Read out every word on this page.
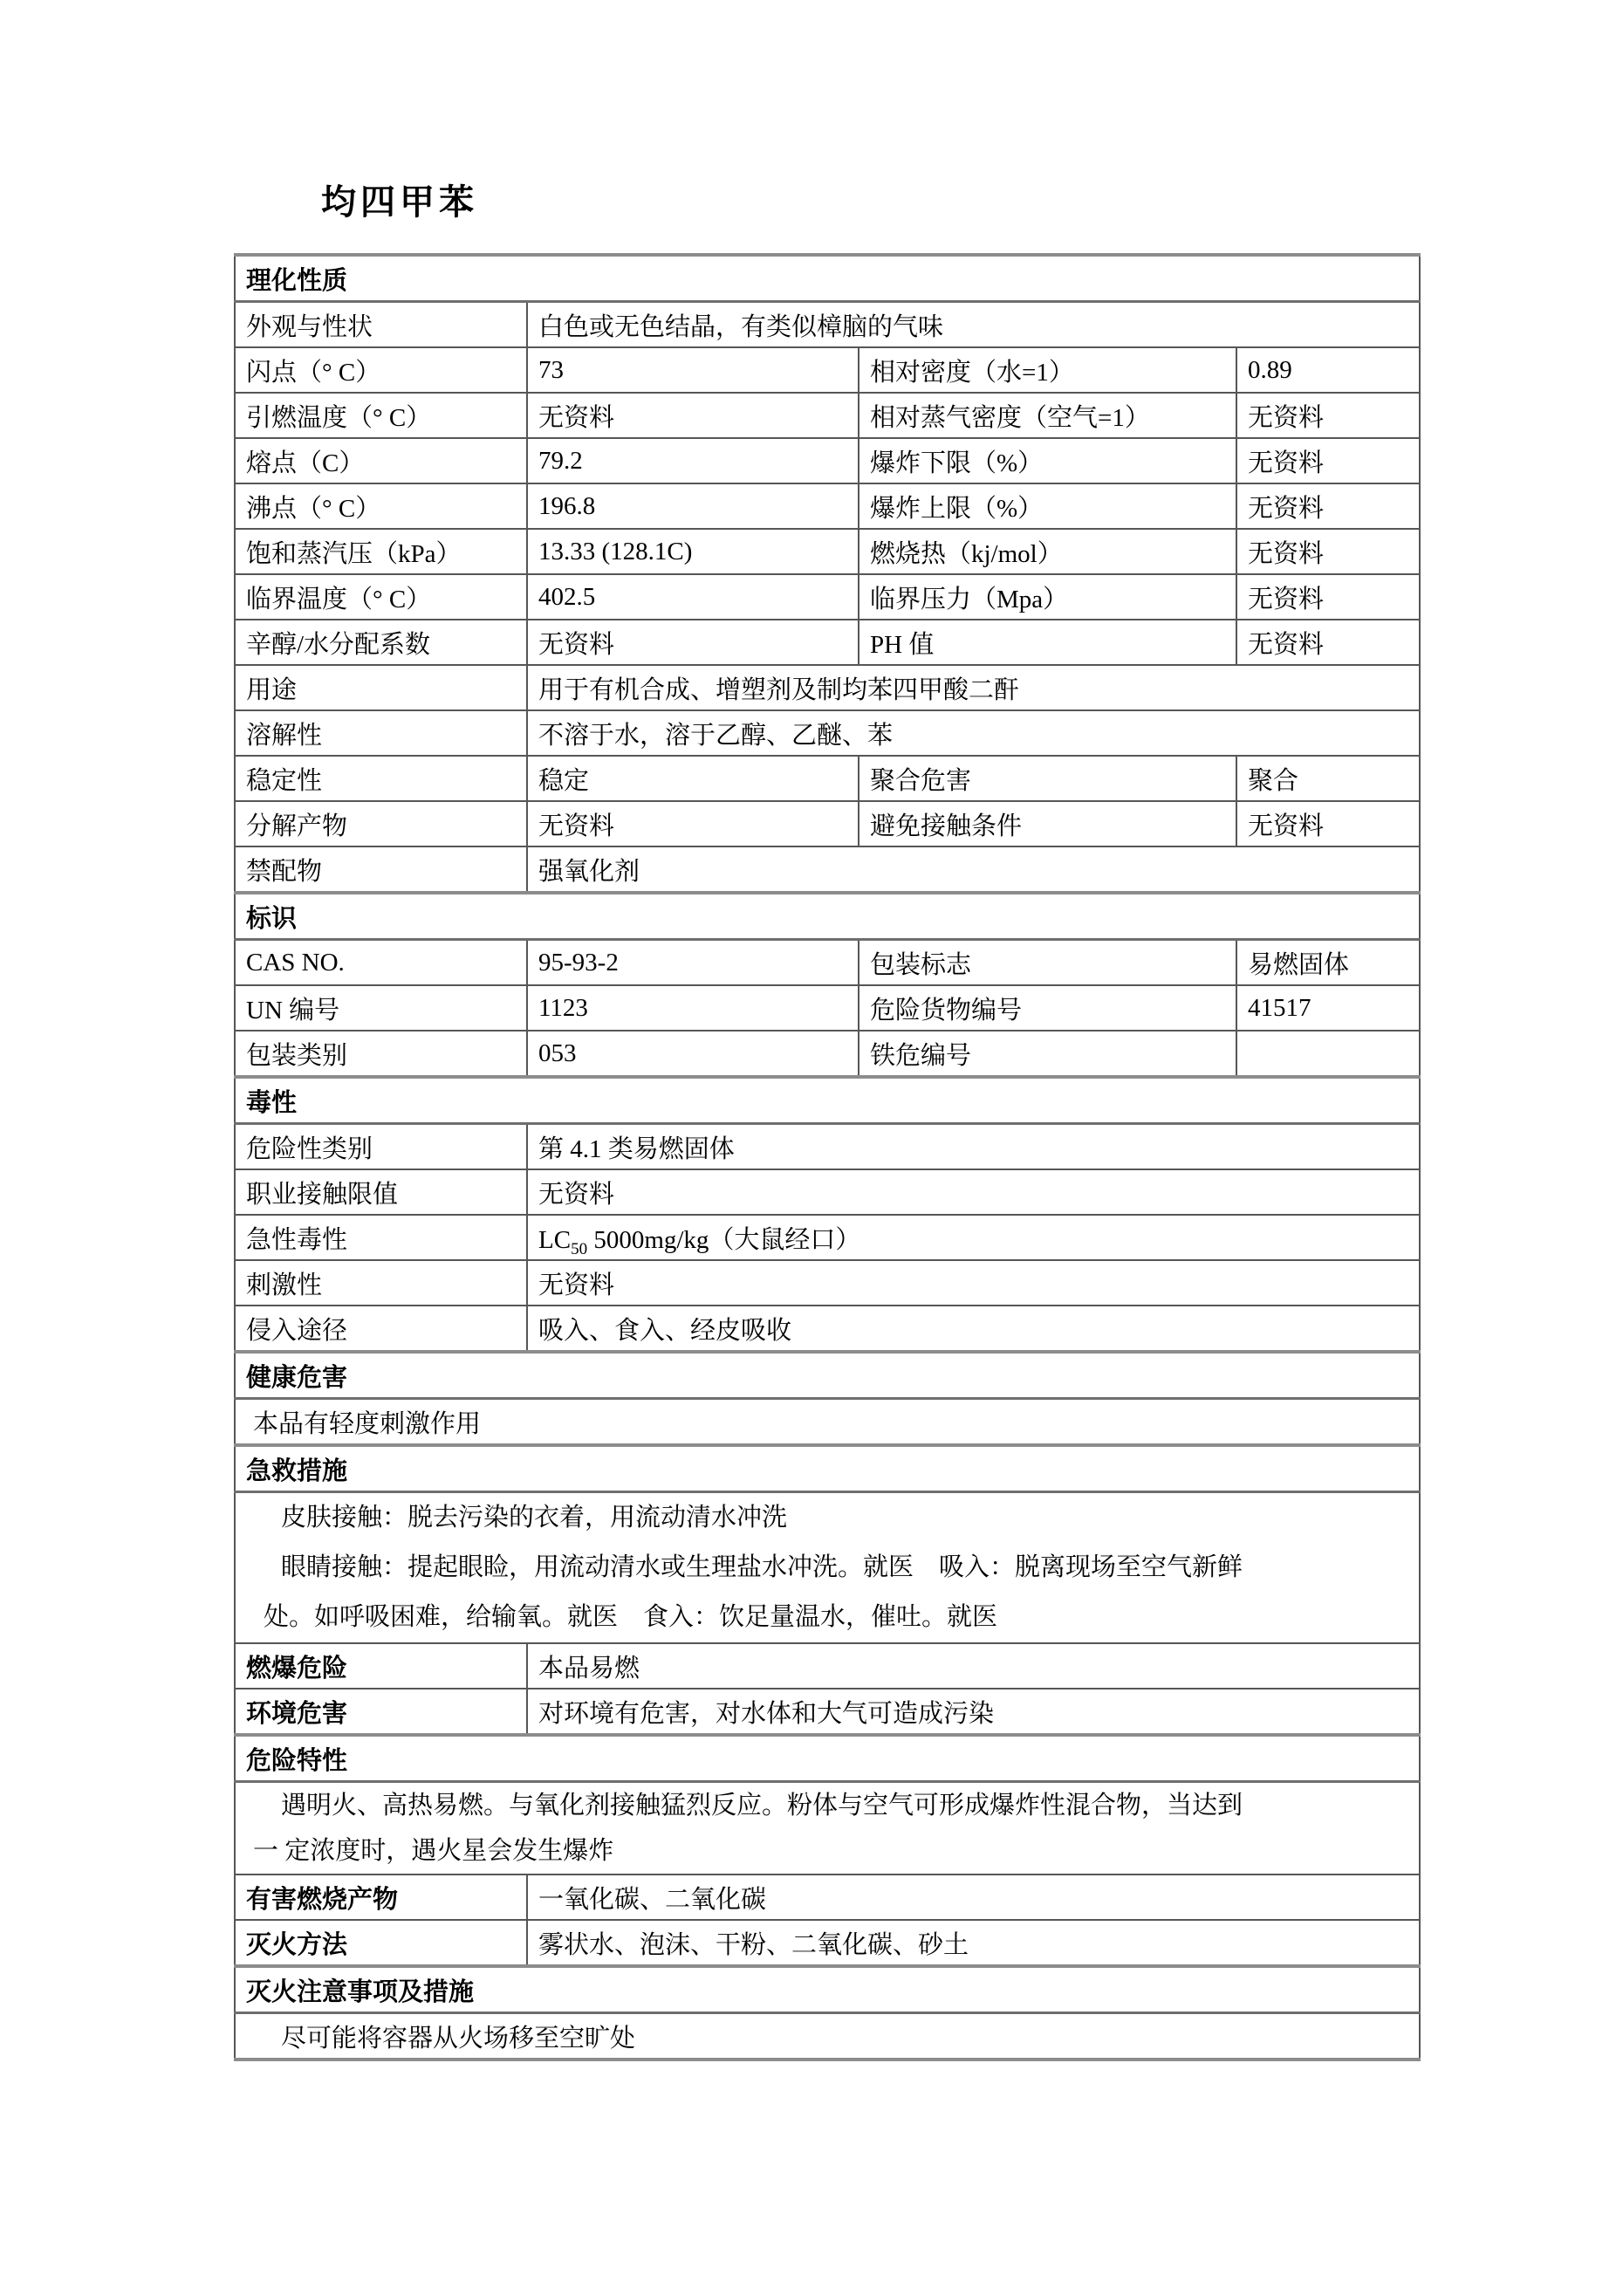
均四甲苯
理化性质			
外观与性状	白色或无色结晶，有类似樟脑的气味		
闪点（° C）	73	相对密度（水=1）	0.89
引燃温度（° C）	无资料	相对蒸气密度（空气=1）	无资料
熔点（C）	79.2	爆炸下限（%）	无资料
沸点（° C）	196.8	爆炸上限（%）	无资料
饱和蒸汽压（kPa）	13.33 (128.1C)	燃烧热（kj/mol）	无资料
临界温度（° C）	402.5	临界压力（Mpa）	无资料
辛醇/水分配系数	无资料	PH 值	无资料
用途	用于有机合成、增塑剂及制均苯四甲酸二酐		
溶解性	不溶于水，溶于乙醇、乙醚、苯		
稳定性	稳定	聚合危害	聚合
分解产物	无资料	避免接触条件	无资料
禁配物	强氧化剂		
标识			
CAS NO.	95-93-2	包装标志	易燃固体
UN 编号	1123	危险货物编号	41517
包装类别	053	铁危编号	
毒性			
危险性类别	第 4.1 类易燃固体		
职业接触限值	无资料		
急性毒性	$LC_{50}$ 5000mg/kg（大鼠经口）		
刺激性	无资料		
侵入途径	吸入、食入、经皮吸收		
健康危害			
本品有轻度刺激作用			
急救措施			

皮肤接触：脱去污染的衣着，用流动清水冲洗
眼睛接触：提起眼睑，用流动清水或生理盐水冲洗。就医　吸入：脱离现场至空气新鲜
处。如呼吸困难，给输氧。就医　食入：饮足量温水，催吐。就医			

燃爆危险	本品易燃		
环境危害	对环境有危害，对水体和大气可造成污染		
危险特性			

遇明火、高热易燃。与氧化剂接触猛烈反应。粉体与空气可形成爆炸性混合物，当达到
一 定浓度时，遇火星会发生爆炸			

有害燃烧产物	一氧化碳、二氧化碳		
灭火方法	雾状水、泡沫、干粉、二氧化碳、砂土		
灭火注意事项及措施			
尽可能将容器从火场移至空旷处			
